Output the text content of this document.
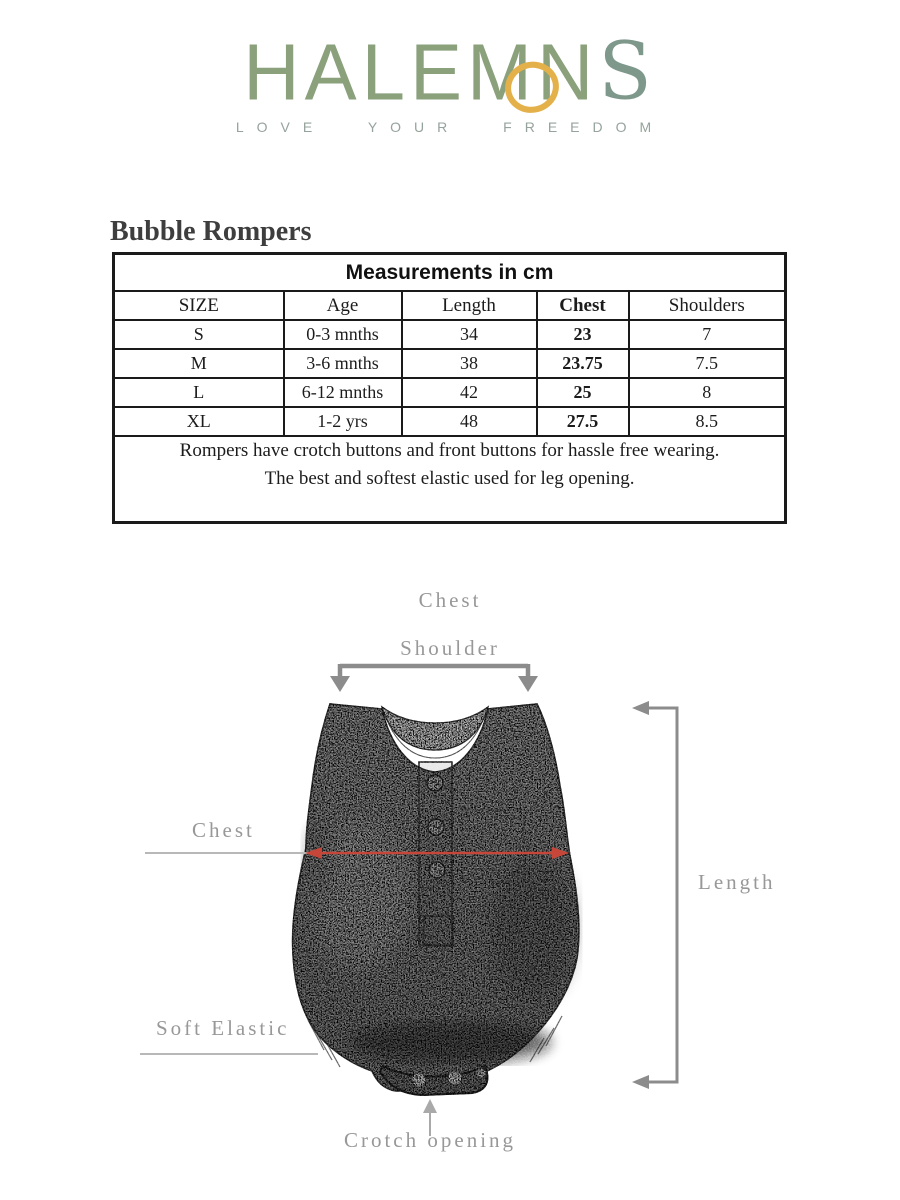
HALEM N S
LOVE YOUR FREEDOM
Bubble Rompers
Measurements in cm				
SIZE	Age	Length	Chest	Shoulders
S	0-3 mnths	34	23	7
M	3-6 mnths	38	23.75	7.5
L	6-12 mnths	42	25	8
XL	1-2 yrs	48	27.5	8.5

Rompers have crotch buttons and front buttons for hassle free wearing.
The best and softest elastic used for leg opening.				
Chest
Shoulder
Chest
Length
Soft Elastic
Crotch opening
